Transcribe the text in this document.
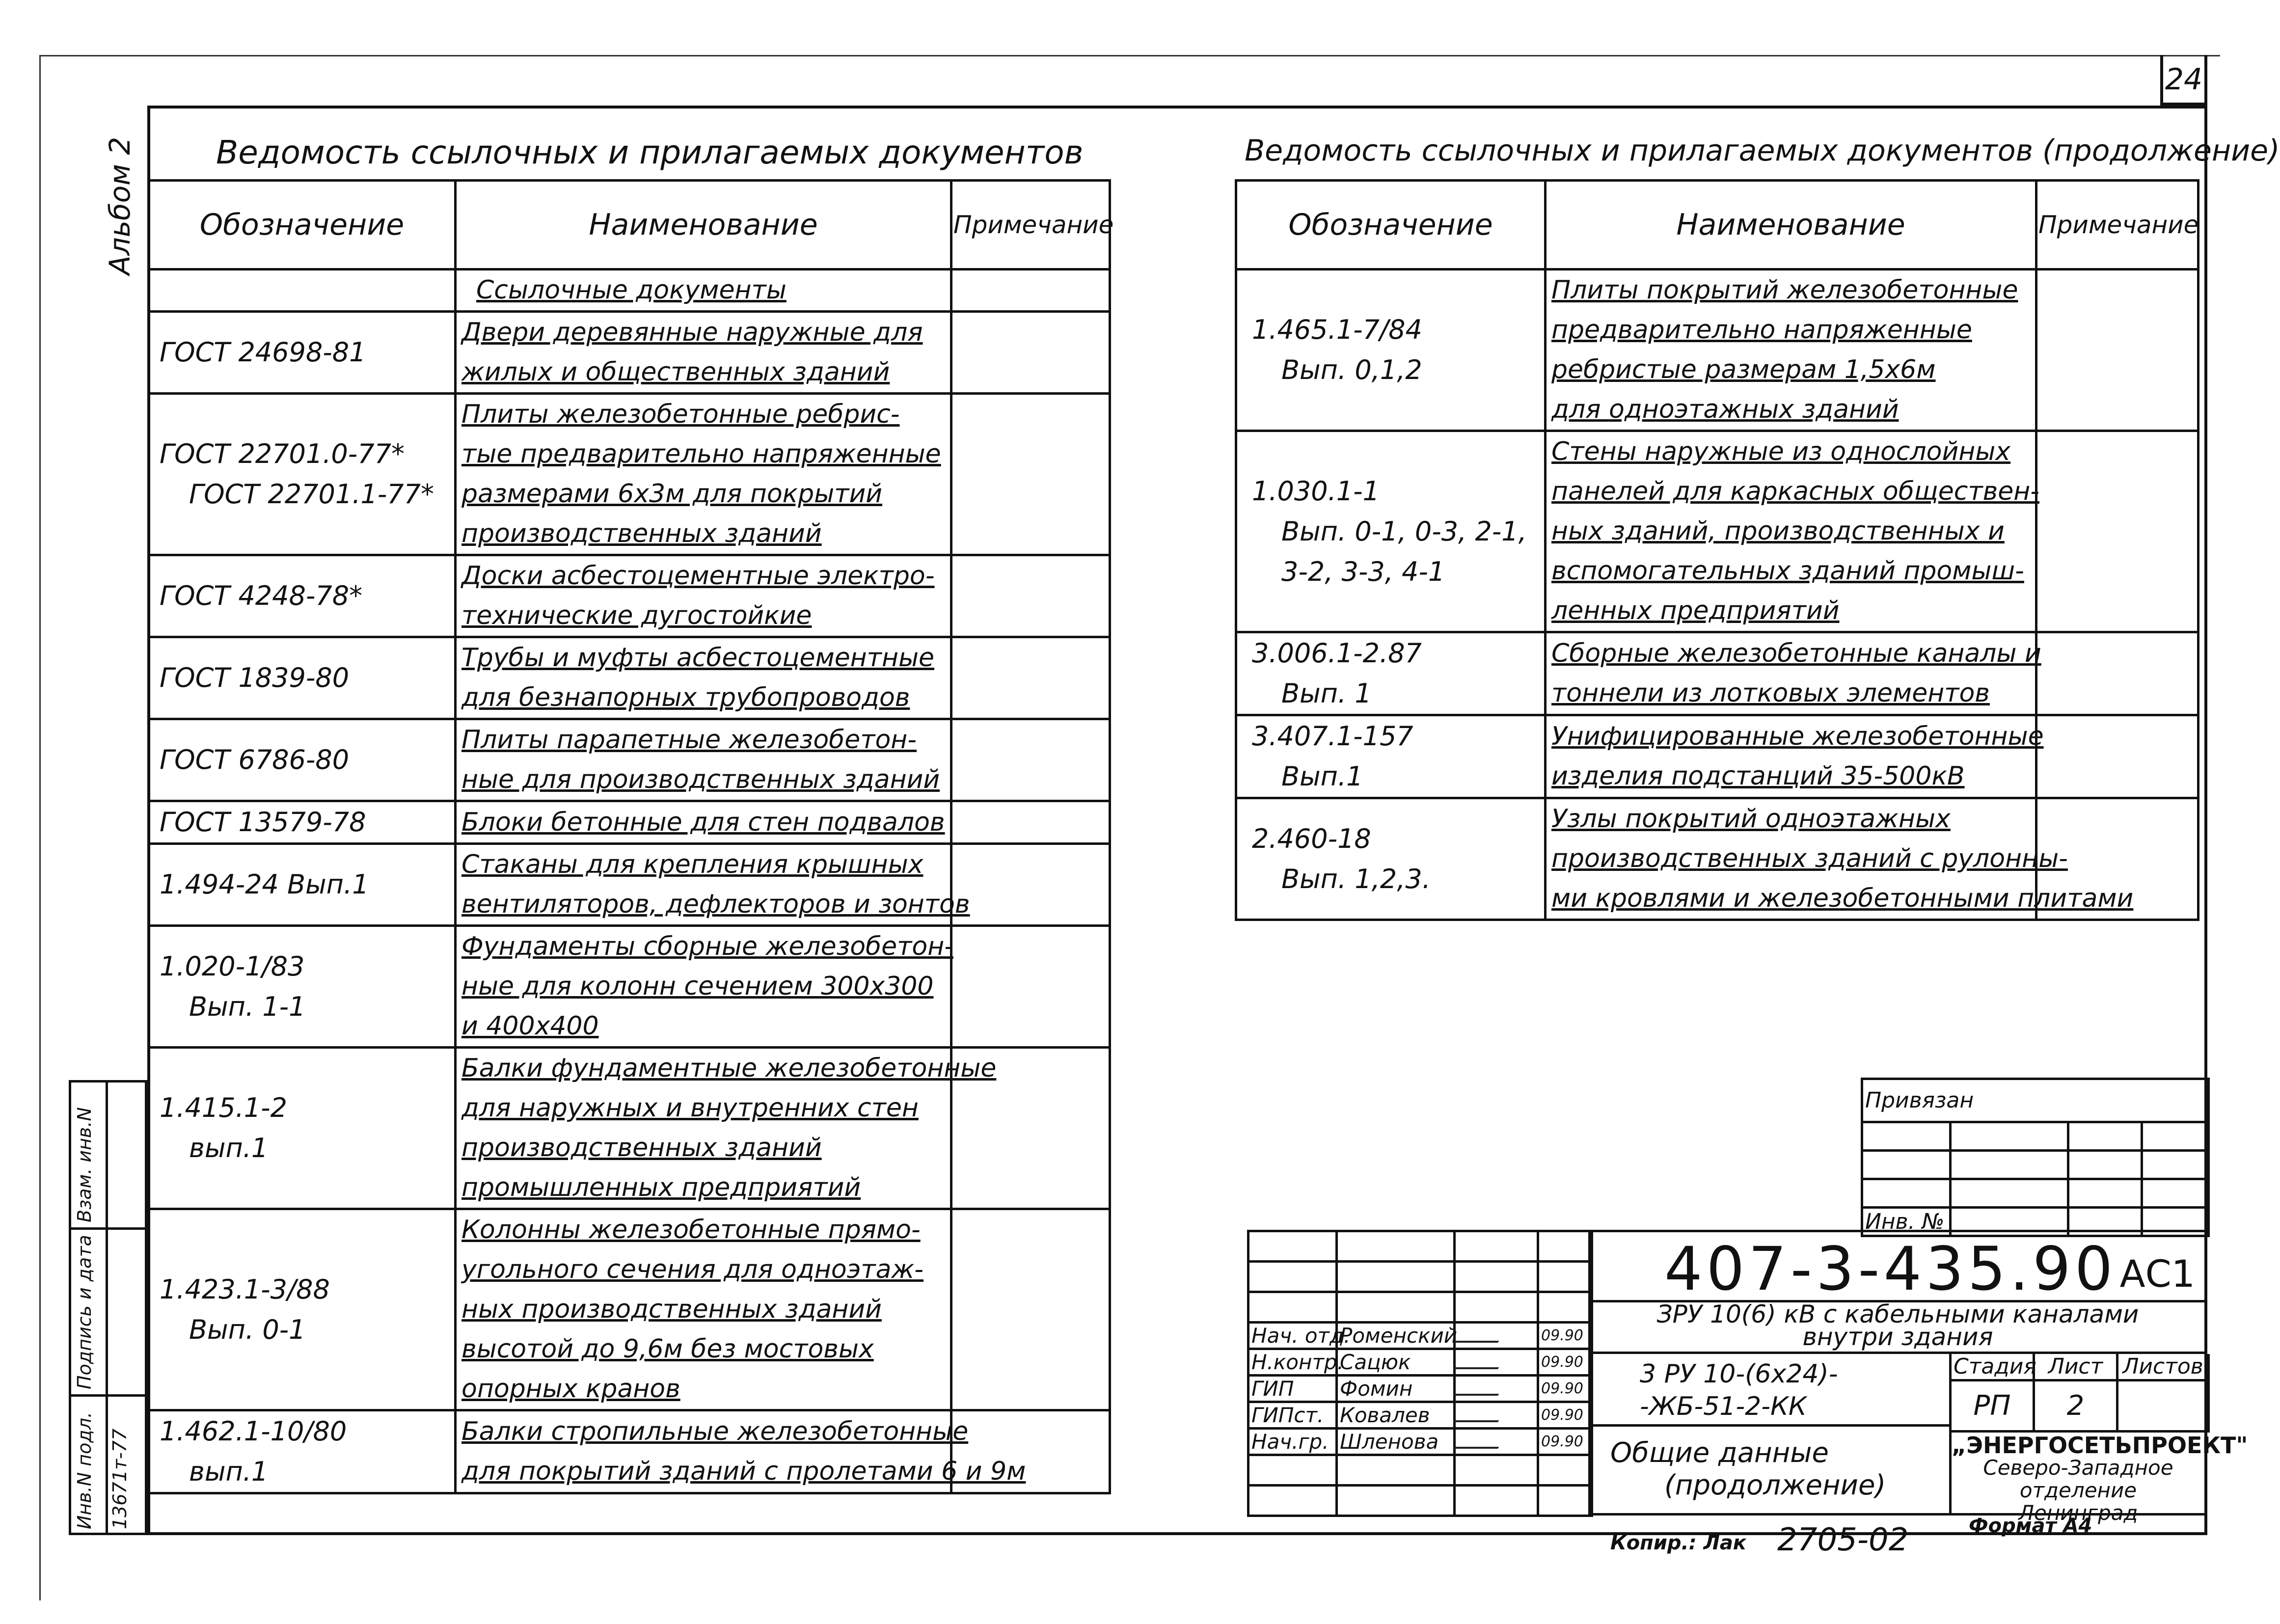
24
Альбом 2 Ведомость ссылочных и прилагаемых документов
Обозначение	Наименование	Примечание

	Ссылочные документы	

ГОСТ 24698-81	Двери деревянные наружные для
жилых и общественных зданий	

ГОСТ 22701.0-77*
ГОСТ 22701.1-77*	Плиты железобетонные ребрис-
тые предварительно напряженные
размерами 6х3м для покрытий
производственных зданий	

ГОСТ 4248-78*	Доски асбестоцементные электро-
технические дугостойкие	

ГОСТ 1839-80	Трубы и муфты асбестоцементные
для безнапорных трубопроводов	

ГОСТ 6786-80	Плиты парапетные железобетон-
ные для производственных зданий	

ГОСТ 13579-78	Блоки бетонные для стен подвалов	

1.494-24 Вып.1	Стаканы для крепления крышных
вентиляторов, дефлекторов и зонтов	

1.020-1/83
Вып. 1-1	Фундаменты сборные железобетон-
ные для колонн сечением 300х300
и 400х400	

1.415.1-2
вып.1	Балки фундаментные железобетонные
для наружных и внутренних стен
производственных зданий
промышленных предприятий	

1.423.1-3/88
Вып. 0-1	Колонны железобетонные прямо-
угольного сечения для одноэтаж-
ных производственных зданий
высотой до 9,6м без мостовых
опорных кранов	

1.462.1-10/80
вып.1	Балки стропильные железобетонные
для покрытий зданий с пролетами 6 и 9м	

Ведомость ссылочных и прилагаемых документов (продолжение)
Обозначение	Наименование	Примечание

1.465.1-7/84
Вып. 0,1,2	Плиты покрытий железобетонные
предварительно напряженные
ребристые размерам 1,5х6м
для одноэтажных зданий	

1.030.1-1
Вып. 0-1, 0-3, 2-1,
3-2, 3-3, 4-1	Стены наружные из однослойных
панелей для каркасных обществен-
ных зданий, производственных и
вспомогательных зданий промыш-
ленных предприятий	

3.006.1-2.87
Вып. 1	Сборные железобетонные каналы и
тоннели из лотковых элементов	

3.407.1-157
Вып.1	Унифицированные железобетонные
изделия подстанций 35-500кВ	

2.460-18
Вып. 1,2,3.	Узлы покрытий одноэтажных
производственных зданий с рулонны-
ми кровлями и железобетонными плитами	

Взам. инв.N
Подпись и дата
Инв.N подл. 13671т-77
Привязан			

Инв. №			

Нач. отд.	Роменский		09.90
Н.контр.	Сацюк		09.90
ГИП	Фомин		09.90
ГИПст.	Ковалев		09.90
Нач.гр.	Шленова		09.90

407-3-435.90 АС1
ЗРУ 10(6) кВ с кабельными каналами
внутри здания
3 РУ 10-(6х24)-
-ЖБ-51-2-КК
Стадия	Лист	Листов
РП	2	
Общие данные
(продолжение)
„ЭНЕРГОСЕТЬПРОЕКТ"
Северо-Западное отделение
Ленинград
Копир.: Лак 2705-02	Формат А4
